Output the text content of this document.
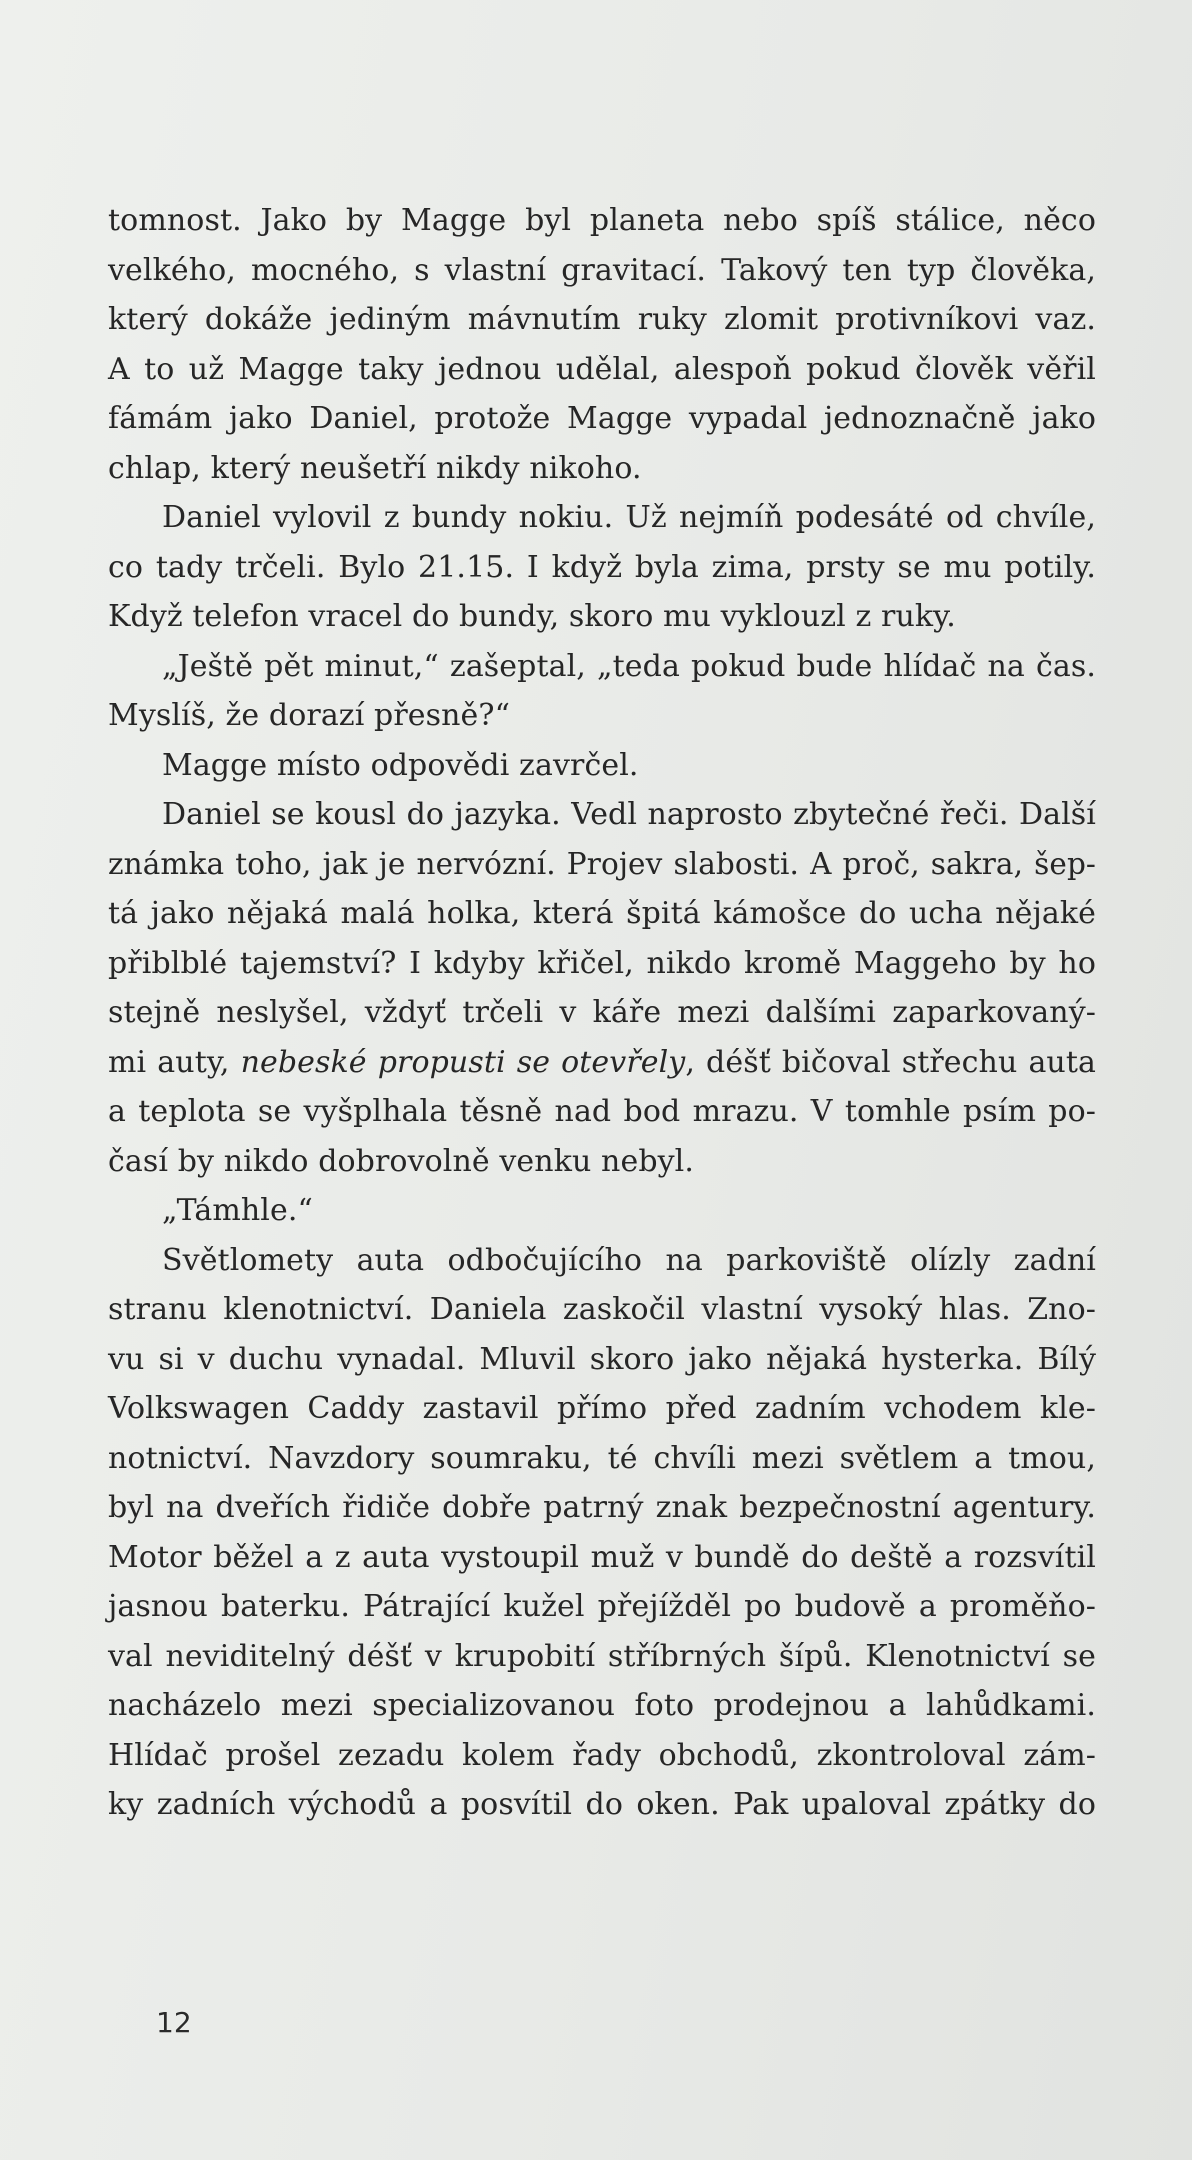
tomnost. Jako by Magge byl planeta nebo spíš stálice, něco
velkého, mocného, s vlastní gravitací. Takový ten typ člověka,
který dokáže jediným mávnutím ruky zlomit protivníkovi vaz.
A to už Magge taky jednou udělal, alespoň pokud člověk věřil
fámám jako Daniel, protože Magge vypadal jednoznačně jako
chlap, který neušetří nikdy nikoho.
Daniel vylovil z bundy nokiu. Už nejmíň podesáté od chvíle,
co tady trčeli. Bylo 21.15. I když byla zima, prsty se mu potily.
Když telefon vracel do bundy, skoro mu vyklouzl z ruky.
„Ještě pět minut,“ zašeptal, „teda pokud bude hlídač na čas.
Myslíš, že dorazí přesně?“
Magge místo odpovědi zavrčel.
Daniel se kousl do jazyka. Vedl naprosto zbytečné řeči. Další
známka toho, jak je nervózní. Projev slabosti. A proč, sakra, šep-
tá jako nějaká malá holka, která špitá kámošce do ucha nějaké
přiblblé tajemství? I kdyby křičel, nikdo kromě Maggeho by ho
stejně neslyšel, vždyť trčeli v káře mezi dalšími zaparkovaný-
mi auty, nebeské propusti se otevřely, déšť bičoval střechu auta
a teplota se vyšplhala těsně nad bod mrazu. V tomhle psím po-
časí by nikdo dobrovolně venku nebyl.
„Támhle.“
Světlomety auta odbočujícího na parkoviště olízly zadní
stranu klenotnictví. Daniela zaskočil vlastní vysoký hlas. Zno-
vu si v duchu vynadal. Mluvil skoro jako nějaká hysterka. Bílý
Volkswagen Caddy zastavil přímo před zadním vchodem kle-
notnictví. Navzdory soumraku, té chvíli mezi světlem a tmou,
byl na dveřích řidiče dobře patrný znak bezpečnostní agentury.
Motor běžel a z auta vystoupil muž v bundě do deště a rozsvítil
jasnou baterku. Pátrající kužel přejížděl po budově a proměňo-
val neviditelný déšť v krupobití stříbrných šípů. Klenotnictví se
nacházelo mezi specializovanou foto prodejnou a lahůdkami.
Hlídač prošel zezadu kolem řady obchodů, zkontroloval zám-
ky zadních východů a posvítil do oken. Pak upaloval zpátky do
12
